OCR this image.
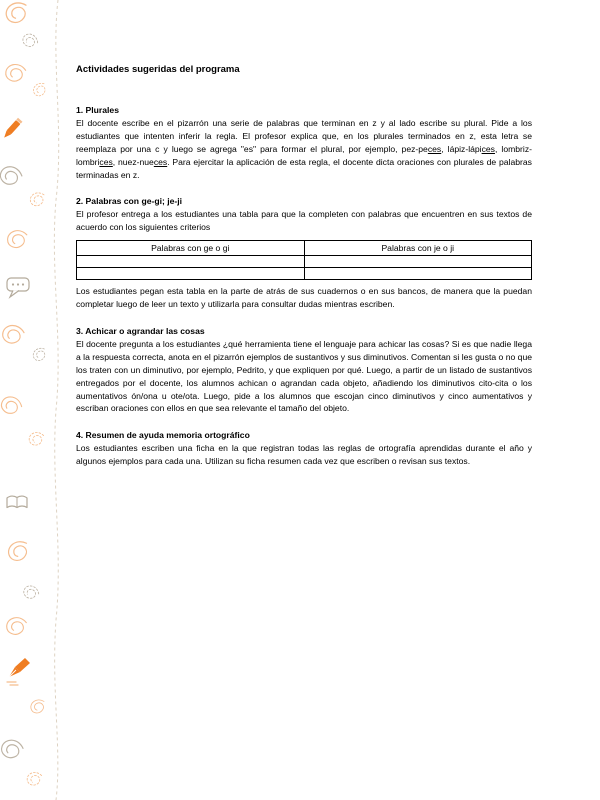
Actividades sugeridas del programa
1. Plurales

El docente escribe en el pizarrón una serie de palabras que terminan en z y al lado escribe su plural. Pide a los estudiantes que intenten inferir la regla. El profesor explica que, en los plurales terminados en z, esta letra se reemplaza por una c y luego se agrega "es" para formar el plural, por ejemplo, pez-peces, lápiz-lápices, lombriz-lombrices, nuez-nueces. Para ejercitar la aplicación de esta regla, el docente dicta oraciones con plurales de palabras terminadas en z.

2. Palabras con ge-gi; je-ji

El profesor entrega a los estudiantes una tabla para que la completen con palabras que encuentren en sus textos de acuerdo con los siguientes criterios

Palabras con ge o gi	Palabras con je o ji

Los estudiantes pegan esta tabla en la parte de atrás de sus cuadernos o en sus bancos, de manera que la puedan completar luego de leer un texto y utilizarla para consultar dudas mientras escriben.

3. Achicar o agrandar las cosas

El docente pregunta a los estudiantes ¿qué herramienta tiene el lenguaje para achicar las cosas? Si es que nadie llega a la respuesta correcta, anota en el pizarrón ejemplos de sustantivos y sus diminutivos. Comentan si les gusta o no que los traten con un diminutivo, por ejemplo, Pedrito, y que expliquen por qué. Luego, a partir de un listado de sustantivos entregados por el docente, los alumnos achican o agrandan cada objeto, añadiendo los diminutivos cito-cita o los aumentativos ón/ona u ote/ota. Luego, pide a los alumnos que escojan cinco diminutivos y cinco aumentativos y escriban oraciones con ellos en que sea relevante el tamaño del objeto.

4. Resumen de ayuda memoria ortográfico

Los estudiantes escriben una ficha en la que registran todas las reglas de ortografía aprendidas durante el año y algunos ejemplos para cada una. Utilizan su ficha resumen cada vez que escriben o revisan sus textos.
